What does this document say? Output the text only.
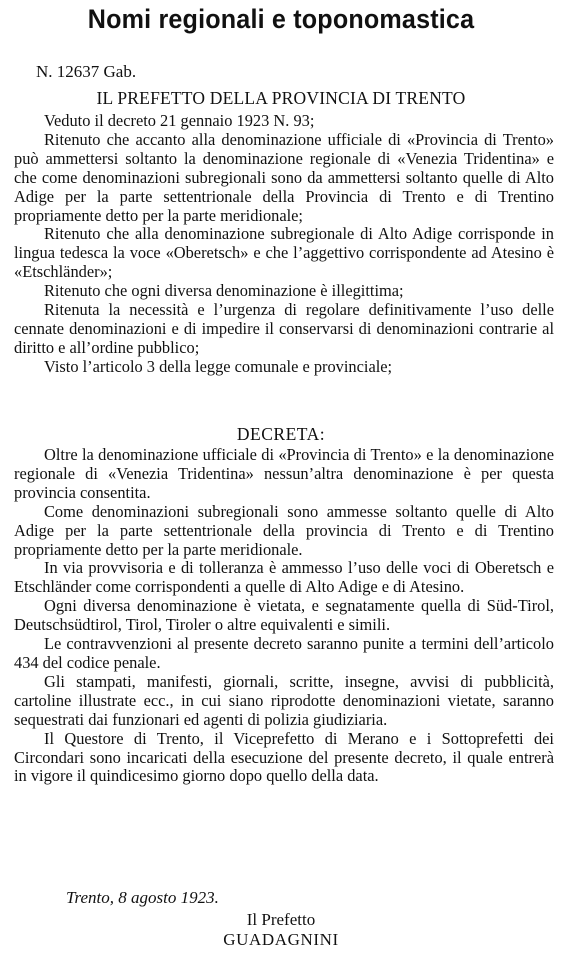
Nomi regionali e toponomastica
N. 12637 Gab.
IL PREFETTO DELLA PROVINCIA DI TRENTO

Veduto il decreto 21 gennaio 1923 N. 93;

Ritenuto che accanto alla denominazione ufficiale di «Provincia di Trento» può ammettersi soltanto la denominazione regionale di «Venezia Tridentina» e che come denominazioni subregionali sono da ammettersi soltanto quelle di Alto Adige per la parte settentrionale della Provincia di Trento e di Trentino propriamente detto per la parte meridionale;

Ritenuto che alla denominazione subregionale di Alto Adige corrisponde in lingua tedesca la voce «Oberetsch» e che l’aggettivo corrispondente ad Atesino è «Etschländer»;

Ritenuto che ogni diversa denominazione è illegittima;

Ritenuta la necessità e l’urgenza di regolare definitivamente l’uso delle cennate denominazioni e di impedire il conservarsi di denominazioni contrarie al diritto e all’ordine pubblico;

Visto l’articolo 3 della legge comunale e provinciale;

DECRETA:

Oltre la denominazione ufficiale di «Provincia di Trento» e la denominazione regionale di «Venezia Tridentina» nessun’altra denominazione è per questa provincia consentita.

Come denominazioni subregionali sono ammesse soltanto quelle di Alto Adige per la parte settentrionale della provincia di Trento e di Trentino propriamente detto per la parte meridionale.

In via provvisoria e di tolleranza è ammesso l’uso delle voci di Oberetsch e Etschländer come corrispondenti a quelle di Alto Adige e di Atesino.

Ogni diversa denominazione è vietata, e segnatamente quella di Süd-Tirol, Deutschsüdtirol, Tirol, Tiroler o altre equivalenti e simili.

Le contravvenzioni al presente decreto saranno punite a termini dell’articolo 434 del codice penale.

Gli stampati, manifesti, giornali, scritte, insegne, avvisi di pubblicità, cartoline illustrate ecc., in cui siano riprodotte denominazioni vietate, saranno sequestrati dai funzionari ed agenti di polizia giudiziaria.

Il Questore di Trento, il Viceprefetto di Merano e i Sottoprefetti dei Circondari sono incaricati della esecuzione del presente decreto, il quale entrerà in vigore il quindicesimo giorno dopo quello della data.

Trento, 8 agosto 1923.
Il Prefetto
GUADAGNINI
